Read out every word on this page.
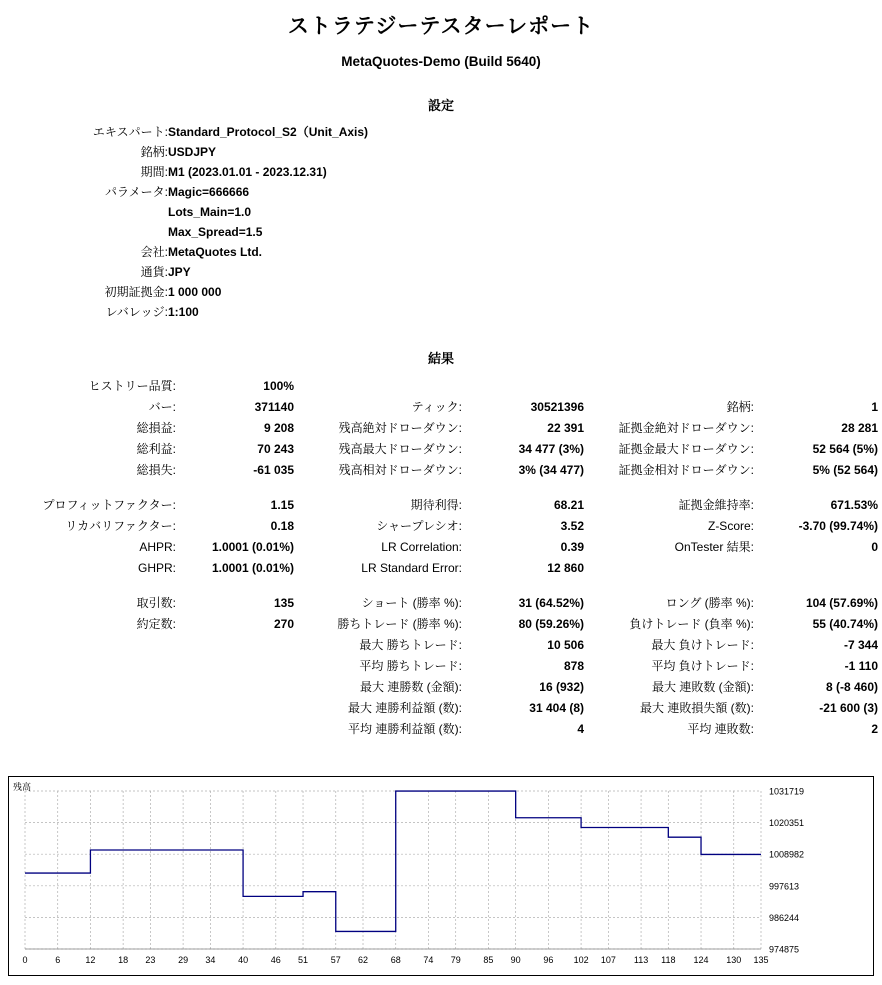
ストラテジーテスターレポート
MetaQuotes-Demo (Build 5640)
設定
エキスパート:	Standard_Protocol_S2（Unit_Axis)
銘柄:	USDJPY
期間:	M1 (2023.01.01 - 2023.12.31)
パラメータ:	Magic=666666
	Lots_Main=1.0
	Max_Spread=1.5
会社:	MetaQuotes Ltd.
通貨:	JPY
初期証拠金:	1 000 000
レバレッジ:	1:100
結果
ヒストリー品質:	100%				
バー:	371140	ティック:	30521396	銘柄:	1
総損益:	9 208	残高絶対ドローダウン:	22 391	証拠金絶対ドローダウン:	28 281
総利益:	70 243	残高最大ドローダウン:	34 477 (3%)	証拠金最大ドローダウン:	52 564 (5%)
総損失:	-61 035	残高相対ドローダウン:	3% (34 477)	証拠金相対ドローダウン:	5% (52 564)

プロフィットファクター:	1.15	期待利得:	68.21	証拠金維持率:	671.53%
リカバリファクター:	0.18	シャープレシオ:	3.52	Z-Score:	-3.70 (99.74%)
AHPR:	1.0001 (0.01%)	LR Correlation:	0.39	OnTester 結果:	0
GHPR:	1.0001 (0.01%)	LR Standard Error:	12 860		

取引数:	135	ショート (勝率 %):	31 (64.52%)	ロング (勝率 %):	104 (57.69%)
約定数:	270	勝ちトレード (勝率 %):	80 (59.26%)	負けトレード (負率 %):	55 (40.74%)
		最大 勝ちトレード:	10 506	最大 負けトレード:	-7 344
		平均 勝ちトレード:	878	平均 負けトレード:	-1 110
		最大 連勝数 (金額):	16 (932)	最大 連敗数 (金額):	8 (-8 460)
		最大 連勝利益額 (数):	31 404 (8)	最大 連敗損失額 (数):	-21 600 (3)
		平均 連勝利益額 (数):	4	平均 連敗数:	2
残高	1031719
1020351
1008982
997613
986244
974875
0	6	12	18 23	29 34	40	46 51	57 62	68	74 79	85 90	96 102 107 113 118 124 130 135
